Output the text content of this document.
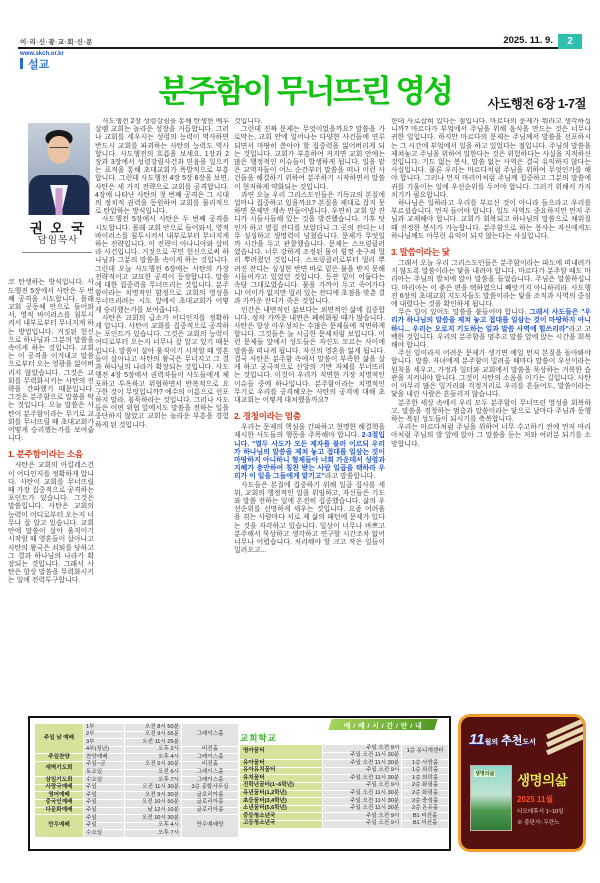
이·리·신·광·교·회·신·문
www.skch.or.kr
2025. 11. 9.	2
설교
분주함이 무너뜨린 영성	사도행전 6장 1-7절
권 오 국
담임목사

코 탄생하는 방식입니다. 사도행전 5장에서 사탄은 두 번째 공격을 시도합니다. 몰래 교회 공동체 안으로 들어와서, 영적 바이러스를 침투시켜서 내부로부터 무너지게 하는 방법입니다. 거짓된 헌신으로 하나님과 그분의 말씀을 속이게 하는 것입니다. 교회는 이 공격을 이겨내고 말씀으로부터 오는 영광을 잃어버리지 않았습니다. 그것은 교회를 무력화시키는 사탄의 전략을 간파했기 때문입니다. 그것은 분주함으로 말씀을 막는 것입니다. 오늘 말씀은 사탄이 분주함이라는 무기로 교회를 무너뜨릴 때 초대교회가 어떻게 승리했는가를 보여줍니다.

1. 분주함이라는 소음

사탄은 교회의 아킬레스건이 어디인지를 정확하게 압니다. 사탄이 교회를 무너뜨릴 때 가장 집중적으로 공격하는 포인트가 있습니다. 그것은 말씀입니다. 사탄은 교회의 능력이 어디로부터 오는지 너무나 잘 알고 있습니다. 교회 안에 말씀이 살아 움직이기 시작할 때 영혼들이 살아나고 사탄의 왕국은 쇠퇴를 당하고 그 결과 하나님의 나라가 확장되는 것입니다. 그래서 사탄은 항상 말씀을 무력화시키는 일에 전력투구합니다.

사도행전 2장 성령강림을 통해 탄생한 예루살렘 교회는 놀라운 성장을 거듭합니다. 그러나 교회를 세우시는 성령의 능력이 역사하면 반드시 교회를 파괴하는 사탄의 능력도 역사합니다. 사도행전의 흐름을 보세요. 1장과 2장과 3장에서 성령강림사건과 믿음을 일으키는 표적을 통해 초대교회가 폭발적으로 부흥합니다. 그런데 사도행전 4장 5장 6장을 보면, 사탄은 세 가지 전략으로 교회를 공격합니다. 4장에 나타난 사탄의 첫 번째 공격은 그 시대의 정치적 권력을 동원하여 교회를 물리적으로 탄압하는 방식입니다.

사도행전 5장에서 사탄은 두 번째 공격을 시도합니다. 몰래 교회 안으로 들어와서, 영적 바이러스를 침투시켜서 내부로부터 무너지게 하는 전략입니다. 이 전략이 아나니아와 삽비라 사건입니다. 거짓으로 꾸민 헌신으로써 하나님과 그분의 말씀을 속이게 하는 것입니다. 그런데 오늘 사도행전 6장에는 사탄의 가장 전략적이고 교묘한 공격이 등장합니다. 말씀에 대한 집중력을 무너뜨리는 것입니다. 분주함이라는 치명적인 함정으로 교회의 영성을 무너뜨리려는 시도 앞에서 초대교회가 어떻게 승리했는가를 보여줍니다.

사탄은 교회의 급소가 어디인지를 정확하게 압니다. 사탄이 교회를 집중적으로 공격하는 포인트가 있습니다. 그것은 교회의 능력이 어디로부터 오는지 너무나 잘 알고 있기 때문입니다. 말씀이 살아 움직이기 시작할 때 영혼들이 살아나고 사탄의 왕국은 무너지고 그 결과 하나님의 나라가 확장되는 것입니다. 사도행전 4장 5장에서 권력자들이 사도들에게 체포하고 투옥하고 위협하면서 반복적으로 요구한 것이 무엇입니까? 예수의 이름으로 선포하지 말라. 침묵하라는 것입니다. 그러나 사도들은 어떤 위협 앞에서도 말씀을 전하는 일을 중단하지 않았고 교회는 놀라운 부흥을 경험하게 된 것입니다.

것입니다.

그런데 진짜 문제는 무엇이었을까요? 말씀을 가로막는, 교회 안에 일어나는 다양한 사건들에 연루되면서 마땅히 쏟아야 할 집중력을 잃어버리게 되는 것입니다. 교회가 부흥하여 커지면 교회 안에는 많은 행정적인 이슈들이 발생하게 됩니다. 일을 맡은 교역자들이 어느 순간부터 말씀을 떠나 이런 사건들을 해결하기 위하여 분주하기 시작하면서 말씀이 현저하게 약화되는 것입니다.

과연 오늘 우리 그리스도인들은 기독교의 본질에 얼마나 집중하고 있을까요? 본질을 제대로 잡지 못하면 문제만 계속 만들어냅니다. 우연히 교회 앞 잔디가 시들시들해 있는 것을 발견했습니다. 기후 탓인가 하고 옆집 잔디를 보았더니 그 곳의 잔디는 너무 싱싱하고 생명력이 넘쳤습니다. 문제가 무엇일까 시간을 두고 관찰했습니다. 문제는 스프링클러였습니다. 너무 강하게 조정된 물이 힘껏 솟구쳐 멀리 뿌려졌던 것입니다. 스프링클러로부터 멀리 뿌려진 잔디는 싱싱한 반면 바로 밑은 물을 받지 못해 시들어가고 있었던 것입니다. 등잔 밑이 어둡다는 속담 그대로였습니다. 물을 가까이 두고 죽어가다니! 어이가 없지만 멀리 있는 잔디에 초점을 맞춘 결과 가까운 잔디가 죽은 것입니다.

인간은 내면적인 삶보다는 외면적인 삶에 집중합니다. 정작 가까운 내면은 폐허화될 때가 많습니다. 사탄은 항상 아우성치는 수많은 문제들에 직면하게 합니다. 그것들은 늘 시급한 문제처럼 보입니다. 이런 문제들 앞에서 성도들은 자신도 모르는 사이에 말씀을 떠나게 됩니다. 자신의 영혼을 잃게 됩니다. 결국 사탄은 분주함 속에서 말씀이 부족한 삶을 살게 하고 궁극적으로 신앙의 기반 자체를 무너뜨리는 것입니다. 이것이 우리가 직면한 가장 치명적인 이슈들 중에 하나입니다. 분주함이라는 치명적인 무기로 우리를 공격해오는 사탄의 공격에 대해 초대교회는 어떻게 대처했을까요?

2. 경청이라는 멈춤

우리는 문제의 핵심을 간파하고 현명한 해결책을 제시한 사도들의 행동을 주목해야 합니다. 2-3절입니다. "열두 사도가 모든 제자를 불러 이르되 우리가 하나님의 말씀을 제쳐 놓고 접대를 일삼는 것이 마땅하지 아니하니 형제들아 너희 가운데서 성령과 지혜가 충만하여 칭찬 받는 사람 일곱을 택하라 우리가 이 일을 그들에게 맡기고"라고 말씀합니다.

사도들은 본질에 집중하기 위해 일곱 집사를 세워, 교회의 행정적인 일을 위임하고, 자신들은 기도와 말씀 전하는 일에 온전히 집중했습니다. 삶의 우선순위를 선명하게 세우는 것입니다. 요즘 어려움을 겪는 사람마다 서로 제 삶의 패턴에 문제가 있다는 것을 자각하고 있습니다. 일상이 너무나 바쁘고 분주해서 묵상하고 생각하고 연구할 시간조차 없어 너무나 어렵습니다. 처리해야 할 크고 작은 일들이 밀려오고...

한데 사로잡혀 있다는 점입니다. 마르다의 문제가 뭐라고 생각하십니까? 마르다가 부엌에서 주님을 위해 음식을 만드는 것은 너무나 귀한 일입니다. 하지만 마르다의 문제는 주님께서 말씀을 선포하시는 그 시간에 부엌에서 일을 하고 있었다는 점입니다. 주님의 말씀을 제쳐놓고 주님을 위하여 일한다는 것은 위험하다는 사실을 지적하신 것입니다. 기도 없는 봉사, 말씀 없는 사역은 결국 유익하지 않다는 사실입니다. 물론 우리는 마르다처럼 주님을 위하여 무엇인가를 해야 합니다. 그러나 먼저 마리아처럼 주님께 집중하고 그분의 말씀에 귀를 기울이는 일에 우선순위를 두어야 합니다. 그러기 위해서 가지치기가 필요합니다.

하나님은 일하라고 우리를 부르신 것이 아니라 들으라고 우리를 부르셨습니다. 먼저 들어야 합니다. 일도 사역도 중요하지만 먼저 주님과 교제해야 합니다. 교회가 회복되고 하나님의 말씀으로 채워질 때 진정한 봉사가 가능합니다. 분주함으로 하는 봉사는 자신에게도 하나님께도 아무런 유익이 되지 않는다는 사실입니다.

3. 말씀이라는 닻

그래서 오늘 우리 그리스도인들은 분주함이라는 파도에 떠내려가지 않도록 말씀이라는 닻을 내려야 합니다. 마르다가 분주할 때도 마리아는 주님의 발치에 앉아 말씀을 들었습니다. 주님은 말씀하십니다. 마리아는 이 좋은 편을 택하였으니 빼앗기지 아니하리라. 사도행전 6장의 초대교회 지도자들도 말씀이라는 닻을 조직과 사역의 중심에 내렸다는 것을 확인하게 됩니다.

무슨 일이 있어도 말씀을 붙들어야 합니다. 그래서 사도들은 "우리가 하나님의 말씀을 제쳐 놓고 접대를 일삼는 것이 마땅하지 아니하니... 우리는 오로지 기도하는 일과 말씀 사역에 힘쓰리라"라고 고백한 것입니다. 우리의 분주함을 멈추고 말씀 앞에 앉는 시간을 회복해야 합니다.

주선 일이라지 어려운 문제가 생기면 예일 먼저 본질을 돌아봐야 합니다. 말씀. 자녀에게 분주함이 밀려올 때마다 말씀이 우선이라는 원칙을 세우고, 가정과 일터와 교회에서 말씀을 묵상하는 거룩한 습관을 지켜내야 합니다. 그것이 사탄의 소음을 이기는 길입니다. 사탄이 아무리 많은 일거리와 걱정거리로 우리를 흔들어도, 말씀이라는 닻을 내린 사람은 흔들리지 않습니다.

분주한 세상 속에서 우리 모두 분주함이 무너뜨린 영성을 회복하고, 말씀을 경청하는 멈춤과 말씀이라는 닻으로 날마다 주님과 동행하는 복된 성도들이 되시기를 축복합니다.

우리는 마르다처럼 주님을 위하여 너무 수고하기 전에 먼저 마리아처럼 주님의 발 앞에 앉아 그 말씀을 듣는 저와 여러분 되기를 소망합니다.

예 / 배 / 시 / 간 / 안 / 내
주일 낮 예배	1부	오전 8시 50분	그레이스홀
	2부	오전 9시 55분	
	3부	오전 11시 25분	
	4부(청년)	오후 2시	비전홀
주일찬양	찬양예배	오후 4시	그레이스홀
새벽기도회	주일~금	오전 5시 30분	비전홀
	토요일	오전 6시	그레이스홀
삼일기도회	수요일	오후 7시	그레이스홀
사랑국예배	주일	오전 11시 30분	3층 종합사무실
영어예배	주일	오전 9시 30분	글로리아홀
중국인예배	주일	오전 10시 50분	글로리아홀
다문화예배	주일	낮 12시 10분	글로리아홀
만우예배	주일	오전 10시 30분	만우예배당
	주일	오후 4시	
	수요일	오후 7시	
교회학교
영아꿈터	주일 오전 9시	1층 유니게센터
	주일 오전 11시 30분	
유아꿈터	주일 오전 11시 30분	1층 사랑홀
유아유치꿈터	주일 오전 9시	1층 희락홀
유치꿈터	주일 오전 11시 30분	1층 희락홀
전학년꿈터(1~6학년)	주일 오전 9시	2층 화평홀
유년꿈터(1,2학년)	주일 오전 11시 30분	2층 화평홀
초등꿈터(3,4학년)	주일 오전 11시 30분	2층 충성홀
소년꿈터(5,6학년)	주일 오전 11시 30분	2층 온유홀
중등청소년국	주일 오전 9시	B1 비전홀
고등청소년국	주일 오전 9시	B1 미션홀
11월의 추천도서
생명의삶 생명의삶
2025 11월
디모데후서 1~10일
※ 출판사: 두란노
